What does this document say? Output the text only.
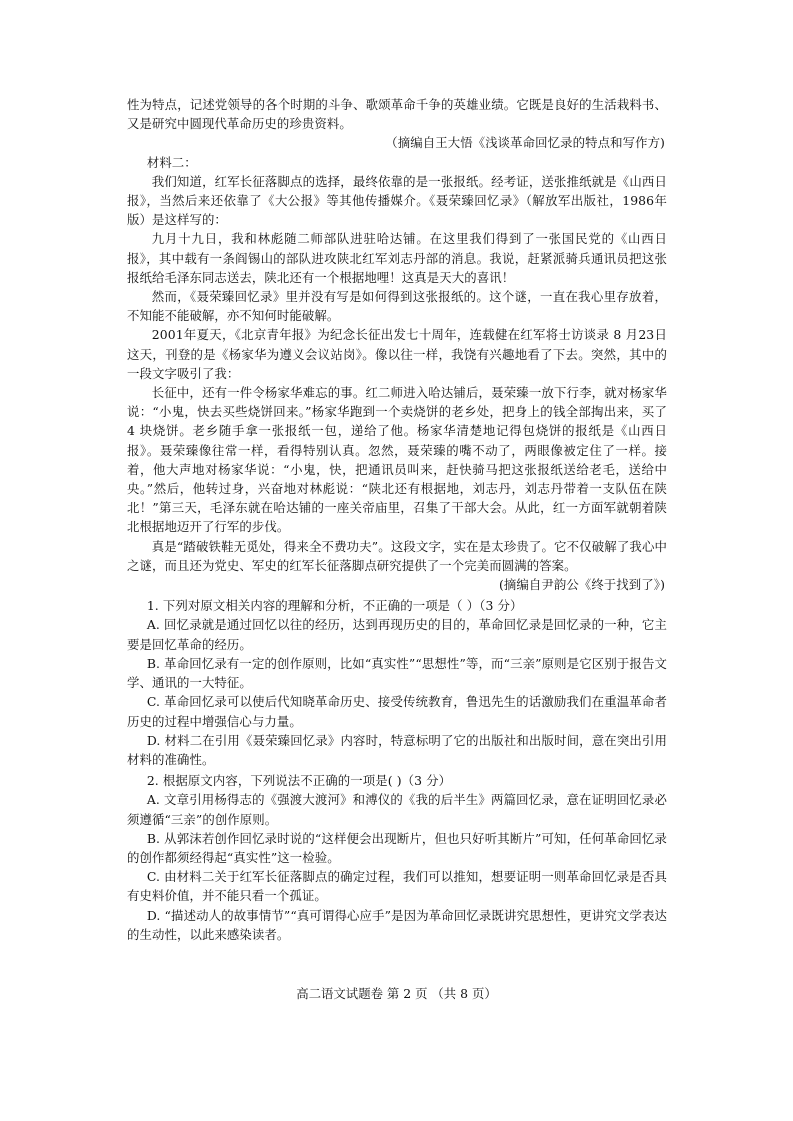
性为特点，记述党领导的各个时期的斗争、歌颂革命千争的英雄业绩。它既是良好的生活栽料书、又是研究中圆现代革命历史的珍贵资料。

（摘编自王大悟《浅谈革命回忆录的特点和写作方)

材料二：

我们知道，红军长征落脚点的选择，最终依靠的是一张报纸。经考证，送张推纸就是《山西日报》，当然后来还依靠了《大公报》等其他传播媒介。《聂荣臻回忆录》（解放军出版社，1986年版）是这样写的：

九月十九日，我和林彪随二师部队进驻哈达铺。在这里我们得到了一张国民党的《山西日报》，其中载有一条阎锡山的部队进攻陕北红军刘志丹部的消息。我说，赶紧派骑兵通讯员把这张报纸给毛泽东同志送去，陕北还有一个根据地哩！这真是天大的喜讯！

然而，《聂荣臻回忆录》里并没有写是如何得到这张报纸的。这个谜，一直在我心里存放着，不知能不能破解，亦不知何时能破解。

2001年夏天，《北京青年报》为纪念长征出发七十周年，连载健在红军将士访谈录 8 月23日这天，刊登的是《杨家华为遵义会议站岗》。像以往一样，我饶有兴趣地看了下去。突然，其中的一段文字吸引了我：

长征中，还有一件令杨家华难忘的事。红二师进入哈达铺后，聂荣臻一放下行李，就对杨家华说：“小鬼，快去买些烧饼回来。”杨家华跑到一个卖烧饼的老乡处，把身上的钱全部掏出来，买了 4 块烧饼。老乡随手拿一张报纸一包，递给了他。杨家华清楚地记得包烧饼的报纸是《山西日报》。聂荣臻像往常一样，看得特别认真。忽然，聂荣臻的嘴不动了，两眼像被定住了一样。接着，他大声地对杨家华说：“小鬼，快，把通讯员叫来，赶快骑马把这张报纸送给老毛，送给中央。”然后，他转过身，兴奋地对林彪说：“陕北还有根据地，刘志丹，刘志丹带着一支队伍在陕北！”第三天，毛泽东就在哈达铺的一座关帝庙里，召集了干部大会。从此，红一方面军就朝着陕北根据地迈开了行军的步伐。

真是“踏破铁鞋无觅处，得来全不费功夫”。这段文字，实在是太珍贵了。它不仅破解了我心中之谜，而且还为党史、军史的红军长征落脚点研究提供了一个完美而圆满的答案。

(摘编自尹韵公《终于找到了》)

1. 下列对原文相关内容的理解和分析，不正确的一项是（ ）（3 分）

A. 回忆录就是通过回忆以往的经历，达到再现历史的目的，革命回忆录是回忆录的一种，它主要是回忆革命的经历。

B. 革命回忆录有一定的创作原则，比如“真实性”“思想性”等，而“三亲”原则是它区别于报告文学、通讯的一大特征。

C. 革命回忆录可以使后代知晓革命历史、接受传统教育，鲁迅先生的话激励我们在重温革命者历史的过程中增强信心与力量。

D. 材料二在引用《聂荣臻回忆录》内容时，特意标明了它的出版社和出版时间，意在突出引用材料的准确性。

2. 根据原文内容，下列说法不正确的一项是( )（3 分）

A. 文章引用杨得志的《强渡大渡河》和溥仪的《我的后半生》两篇回忆录，意在证明回忆录必须遵循“三亲”的创作原则。

B. 从郭沫若创作回忆录时说的“这样便会出现断片，但也只好听其断片”可知，任何革命回忆录的创作都须经得起“真实性”这一检验。

C. 由材料二关于红军长征落脚点的确定过程，我们可以推知，想要证明一则革命回忆录是否具有史料价值，并不能只看一个孤证。

D. “描述动人的故事情节”“真可谓得心应手”是因为革命回忆录既讲究思想性，更讲究文学表达的生动性，以此来感染读者。

高二语文试题卷 第 2 页 （共 8 页）
